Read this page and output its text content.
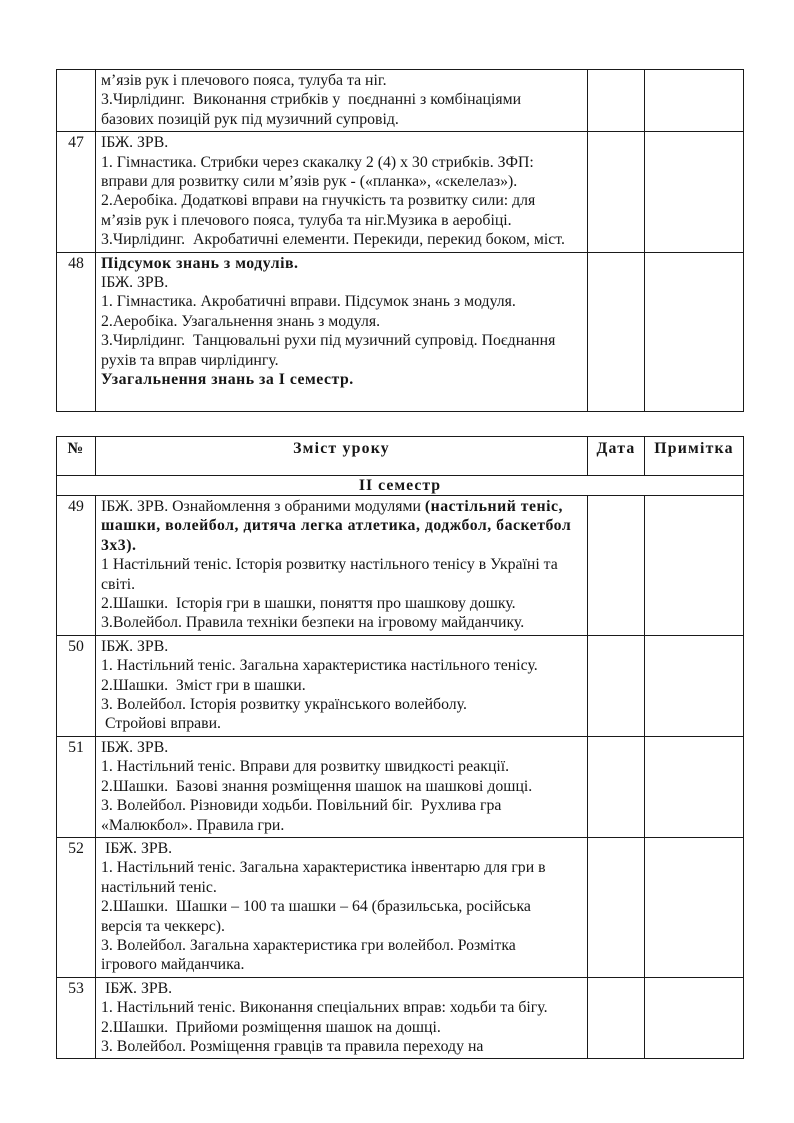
	м’язів рук і плечового пояса, тулуба та ніг.
3.Чирлідинг.  Виконання стрибків у  поєднанні з комбінаціями
базових позицій рук під музичний супровід.		

47	ІБЖ. ЗРВ.
1. Гімнастика. Стрибки через скакалку 2 (4) х 30 стрибків. ЗФП:
вправи для розвитку сили м’язів рук - («планка», «скелелаз»).
2.Аеробіка. Додаткові вправи на гнучкість та розвитку сили: для
м’язів рук і плечового пояса, тулуба та ніг.Музика в аеробіці.
3.Чирлідинг.  Акробатичні елементи. Перекиди, перекид боком, міст.

48	Підсумок знань з модулів.
ІБЖ. ЗРВ.
1. Гімнастика. Акробатичні вправи. Підсумок знань з модуля.
2.Аеробіка. Узагальнення знань з модуля.
3.Чирлідинг.  Танцювальні рухи під музичний супровід. Поєднання
рухів та вправ чирлідингу.
Узагальнення знань за І семестр.

№	Зміст уроку	Дата	Примітка
ІІ семестр			
49	ІБЖ. ЗРВ. Ознайомлення з обраними модулями (настільний теніс,
шашки, волейбол, дитяча легка атлетика, доджбол, баскетбол
3х3).
1 Настільний теніс. Історія розвитку настільного тенісу в Україні та
світі.
2.Шашки.  Історія гри в шашки, поняття про шашкову дошку.
3.Волейбол. Правила техніки безпеки на ігровому майданчику.

50	ІБЖ. ЗРВ.
1. Настільний теніс. Загальна характеристика настільного тенісу.
2.Шашки.  Зміст гри в шашки.
3. Волейбол. Історія розвитку українського волейболу.
Стройові вправи.		

51	ІБЖ. ЗРВ.
1. Настільний теніс. Вправи для розвитку швидкості реакції.
2.Шашки.  Базові знання розміщення шашок на шашкові дошці.
3. Волейбол. Різновиди ходьби. Повільний біг.  Рухлива гра
«Малюкбол». Правила гри.		

52	ІБЖ. ЗРВ.
1. Настільний теніс. Загальна характеристика інвентарю для гри в
настільний теніс.
2.Шашки.  Шашки – 100 та шашки – 64 (бразильська, російська
версія та чеккерс).
3. Волейбол. Загальна характеристика гри волейбол. Розмітка
ігрового майданчика.

53	ІБЖ. ЗРВ.
1. Настільний теніс. Виконання спеціальних вправ: ходьби та бігу.
2.Шашки.  Прийоми розміщення шашок на дошці.
3. Волейбол. Розміщення гравців та правила переходу на		
